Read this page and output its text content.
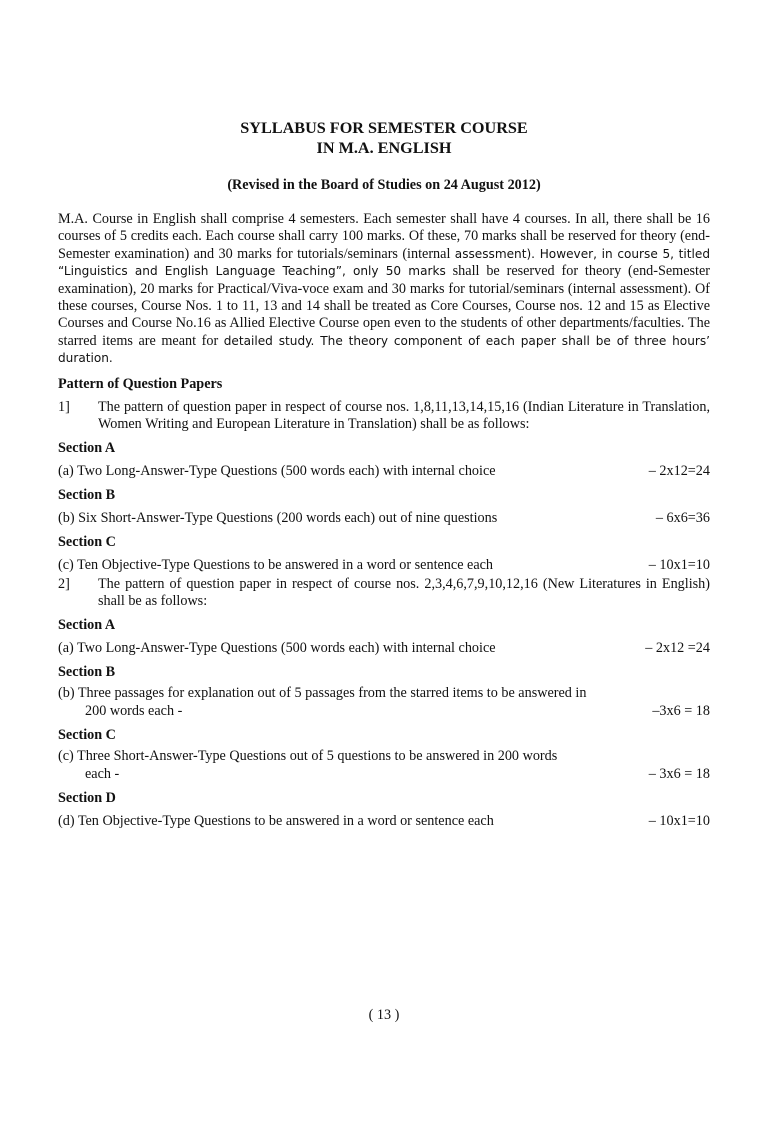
SYLLABUS FOR SEMESTER COURSE
IN M.A. ENGLISH
(Revised in the Board of Studies on 24 August 2012)
M.A. Course in English shall comprise 4 semesters. Each semester shall have 4 courses. In all, there shall be 16 courses of 5 credits each. Each course shall carry 100 marks. Of these, 70 marks shall be reserved for theory (end-Semester examination) and 30 marks for tutorials/seminars (internal assessment). However, in course 5, titled “Linguistics and English Language Teaching”, only 50 marks shall be reserved for theory (end-Semester examination), 20 marks for Practical/Viva-voce exam and 30 marks for tutorial/seminars (internal assessment). Of these courses, Course Nos. 1 to 11, 13 and 14 shall be treated as Core Courses, Course nos. 12 and 15 as Elective Courses and Course No.16 as Allied Elective Course open even to the students of other departments/faculties. The starred items are meant for detailed study. The theory component of each paper shall be of three hours’ duration.
Pattern of Question Papers
1]	The pattern of question paper in respect of course nos. 1,8,11,13,14,15,16 (Indian Literature in Translation, Women Writing and European Literature in Translation) shall be as follows:
Section A
(a) Two Long-Answer-Type Questions (500 words each) with internal choice	– 2x12=24
Section B
(b) Six Short-Answer-Type Questions (200 words each) out of nine questions	– 6x6=36
Section C
(c) Ten Objective-Type Questions to be answered in a word or sentence each	– 10x1=10
2]	The pattern of question paper in respect of course nos. 2,3,4,6,7,9,10,12,16 (New Literatures in English) shall be as follows:
Section A
(a) Two Long-Answer-Type Questions (500 words each) with internal choice	– 2x12 =24
Section B
(b) Three passages for explanation out of 5 passages from the starred items to be answered in
200 words each -	–3x6 = 18
Section C
(c) Three Short-Answer-Type Questions out of 5 questions to be answered in 200 words
each -	– 3x6 = 18
Section D
(d) Ten Objective-Type Questions to be answered in a word or sentence each	– 10x1=10
( 13 )
